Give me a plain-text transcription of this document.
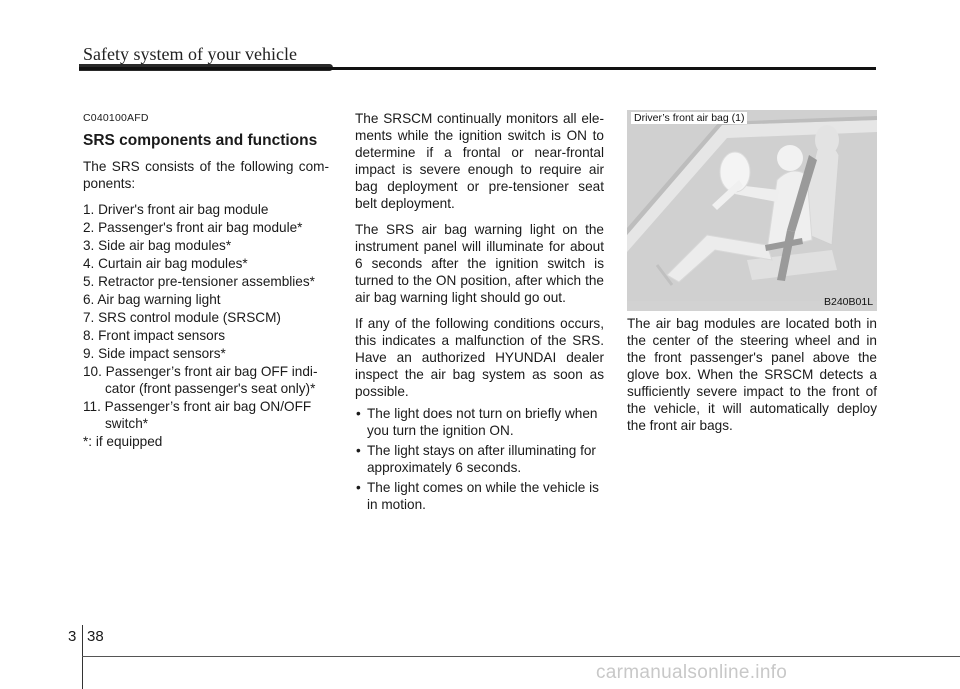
Safety system of your vehicle
C040100AFD
SRS components and functions

The SRS consists of the following com-ponents:

1. Driver's front air bag module
2. Passenger's front air bag module*
3. Side air bag modules*
4. Curtain air bag modules*
5. Retractor pre-tensioner assemblies*
6. Air bag warning light
7. SRS control module (SRSCM)
8. Front impact sensors
9. Side impact sensors*
10. Passenger’s front air bag OFF indi-cator (front passenger's seat only)*
11. Passenger’s front air bag ON/OFF switch*
*: if equipped

The SRSCM continually monitors all ele-ments while the ignition switch is ON to determine if a frontal or near-frontal impact is severe enough to require air bag deployment or pre-tensioner seat belt deployment.

The SRS air bag warning light on the instrument panel will illuminate for about 6 seconds after the ignition switch is turned to the ON position, after which the air bag warning light should go out.

If any of the following conditions occurs, this indicates a malfunction of the SRS. Have an authorized HYUNDAI dealer inspect the air bag system as soon as possible.

• The light does not turn on briefly when you turn the ignition ON.
• The light stays on after illuminating for approximately 6 seconds.
• The light comes on while the vehicle is in motion.
Driver’s front air bag (1)
B240B01L

The air bag modules are located both in the center of the steering wheel and in the front passenger's panel above the glove box. When the SRSCM detects a sufficiently severe impact to the front of the vehicle, it will automatically deploy the front air bags.

3 38
carmanualsonline.info
